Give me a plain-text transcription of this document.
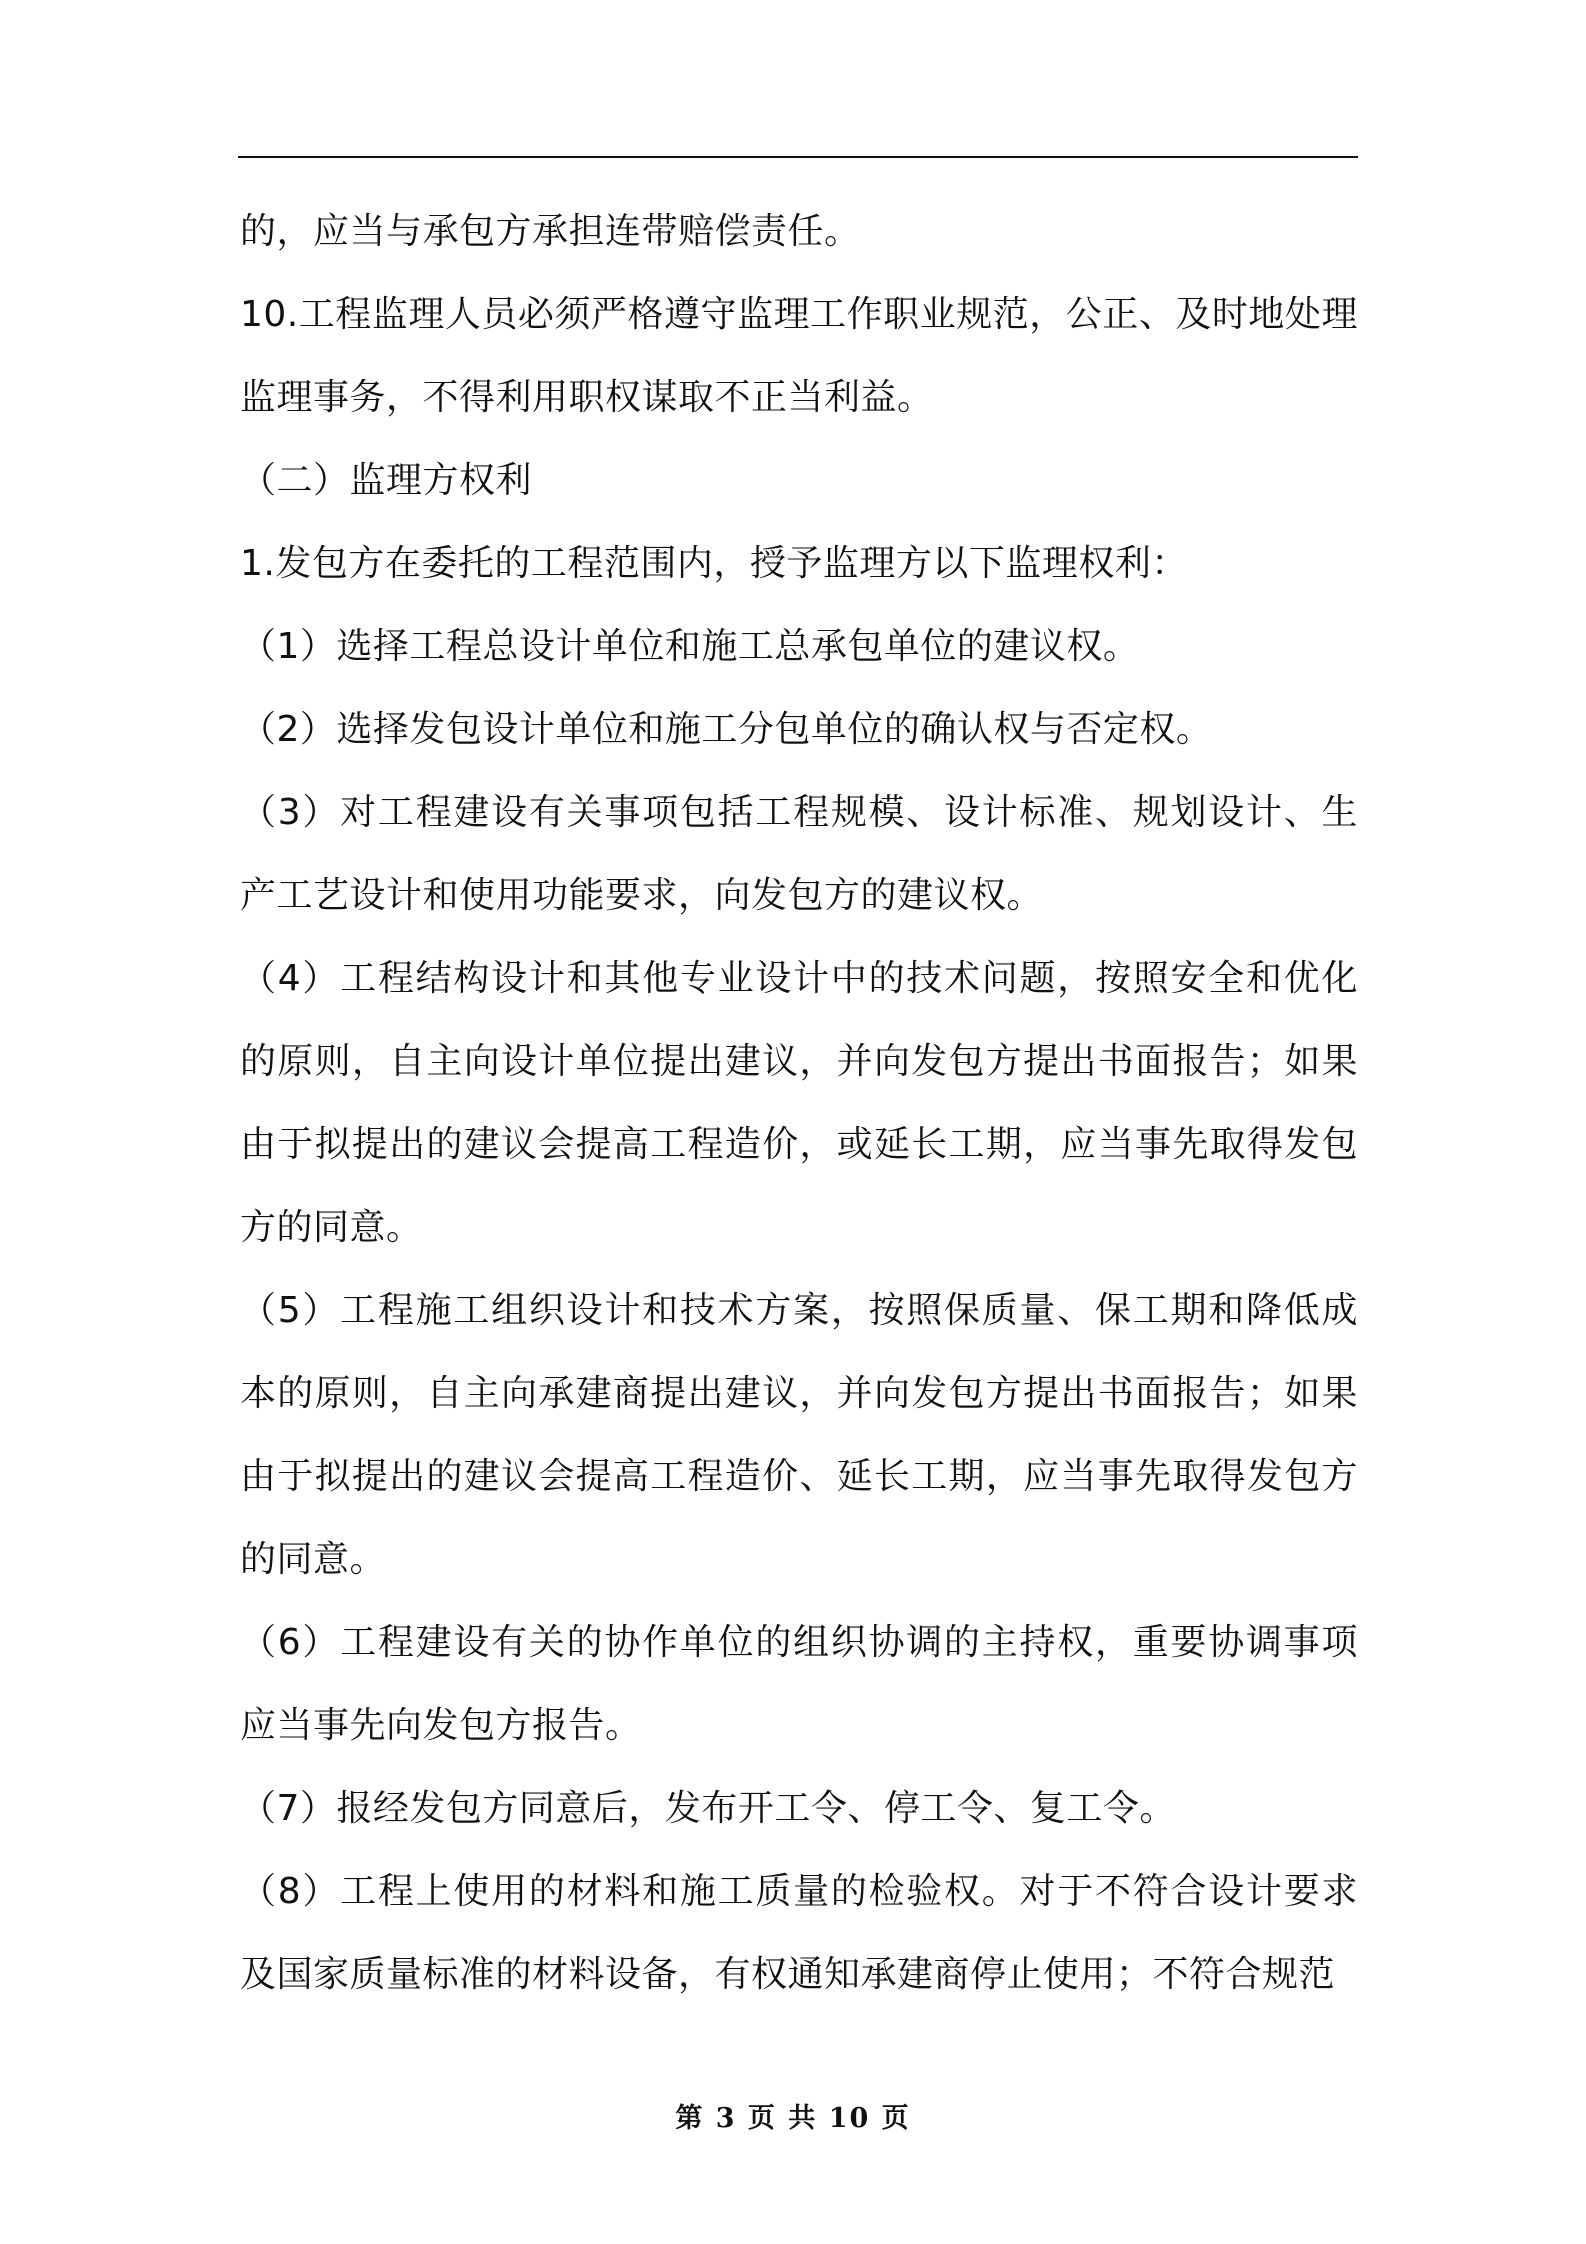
的，应当与承包方承担连带赔偿责任。

10.工程监理人员必须严格遵守监理工作职业规范，公正、及时地处理监理事务，不得利用职权谋取不正当利益。

（二）监理方权利

1.发包方在委托的工程范围内，授予监理方以下监理权利：

（1）选择工程总设计单位和施工总承包单位的建议权。

（2）选择发包设计单位和施工分包单位的确认权与否定权。

（3）对工程建设有关事项包括工程规模、设计标准、规划设计、生产工艺设计和使用功能要求，向发包方的建议权。

（4）工程结构设计和其他专业设计中的技术问题，按照安全和优化的原则，自主向设计单位提出建议，并向发包方提出书面报告；如果由于拟提出的建议会提高工程造价，或延长工期，应当事先取得发包方的同意。

（5）工程施工组织设计和技术方案，按照保质量、保工期和降低成本的原则，自主向承建商提出建议，并向发包方提出书面报告；如果由于拟提出的建议会提高工程造价、延长工期，应当事先取得发包方的同意。

（6）工程建设有关的协作单位的组织协调的主持权，重要协调事项应当事先向发包方报告。

（7）报经发包方同意后，发布开工令、停工令、复工令。

（8）工程上使用的材料和施工质量的检验权。对于不符合设计要求及国家质量标准的材料设备，有权通知承建商停止使用；不符合规范

第 3 页 共 10 页
